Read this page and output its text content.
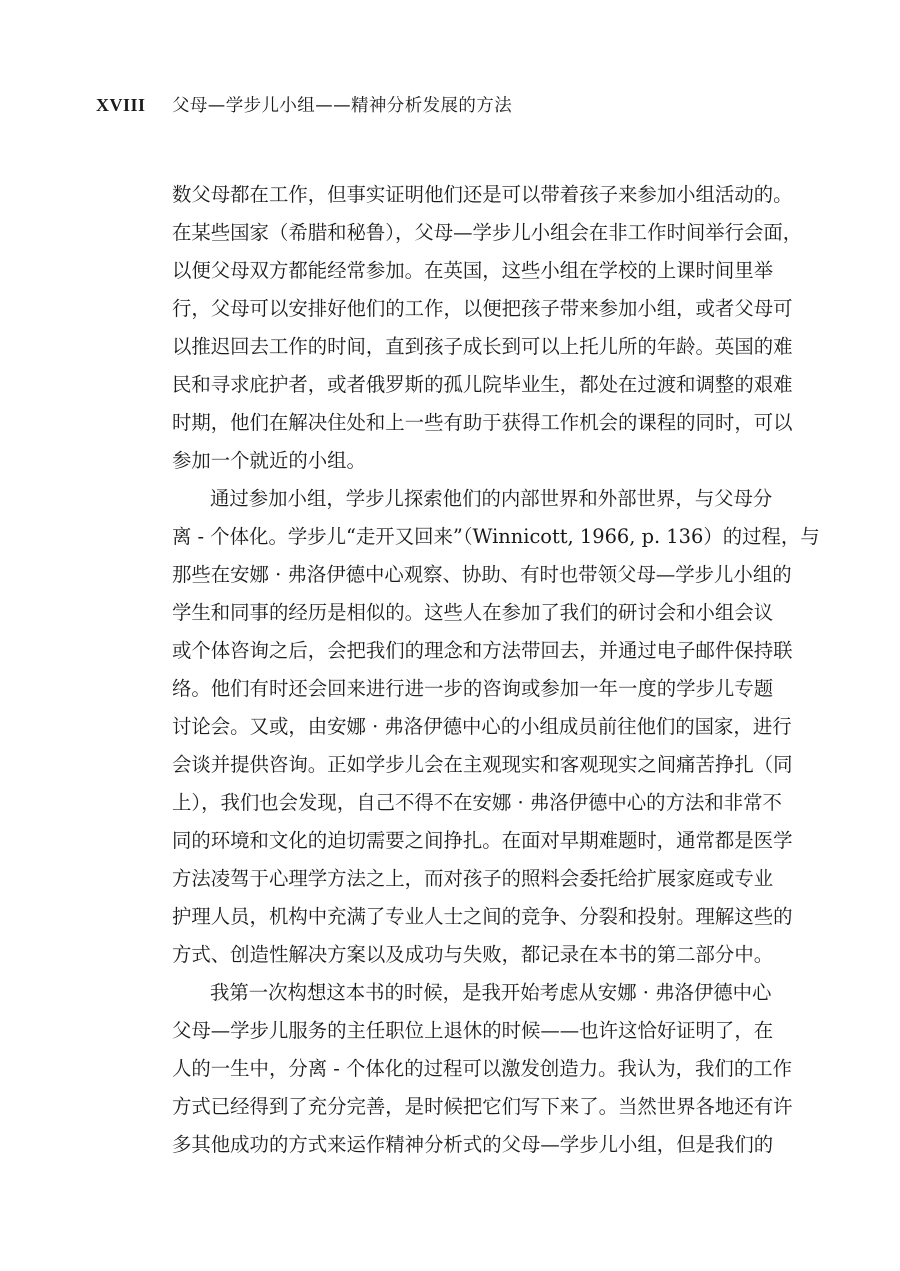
XVIII	父母—学步儿小组——精神分析发展的方法
数父母都在工作，但事实证明他们还是可以带着孩子来参加小组活动的。
在某些国家（希腊和秘鲁），父母—学步儿小组会在非工作时间举行会面，
以便父母双方都能经常参加。在英国，这些小组在学校的上课时间里举
行，父母可以安排好他们的工作，以便把孩子带来参加小组，或者父母可
以推迟回去工作的时间，直到孩子成长到可以上托儿所的年龄。英国的难
民和寻求庇护者，或者俄罗斯的孤儿院毕业生，都处在过渡和调整的艰难
时期，他们在解决住处和上一些有助于获得工作机会的课程的同时，可以
参加一个就近的小组。
通过参加小组，学步儿探索他们的内部世界和外部世界，与父母分
离 - 个体化。学步儿“走开又回来”（Winnicott, 1966, p. 136）的过程，与
那些在安娜 · 弗洛伊德中心观察、协助、有时也带领父母—学步儿小组的
学生和同事的经历是相似的。这些人在参加了我们的研讨会和小组会议
或个体咨询之后，会把我们的理念和方法带回去，并通过电子邮件保持联
络。他们有时还会回来进行进一步的咨询或参加一年一度的学步儿专题
讨论会。又或，由安娜 · 弗洛伊德中心的小组成员前往他们的国家，进行
会谈并提供咨询。正如学步儿会在主观现实和客观现实之间痛苦挣扎（同
上），我们也会发现，自己不得不在安娜 · 弗洛伊德中心的方法和非常不
同的环境和文化的迫切需要之间挣扎。在面对早期难题时，通常都是医学
方法凌驾于心理学方法之上，而对孩子的照料会委托给扩展家庭或专业
护理人员，机构中充满了专业人士之间的竞争、分裂和投射。理解这些的
方式、创造性解决方案以及成功与失败，都记录在本书的第二部分中。
我第一次构想这本书的时候，是我开始考虑从安娜 · 弗洛伊德中心
父母—学步儿服务的主任职位上退休的时候——也许这恰好证明了，在
人的一生中，分离 - 个体化的过程可以激发创造力。我认为，我们的工作
方式已经得到了充分完善，是时候把它们写下来了。当然世界各地还有许
多其他成功的方式来运作精神分析式的父母—学步儿小组，但是我们的
